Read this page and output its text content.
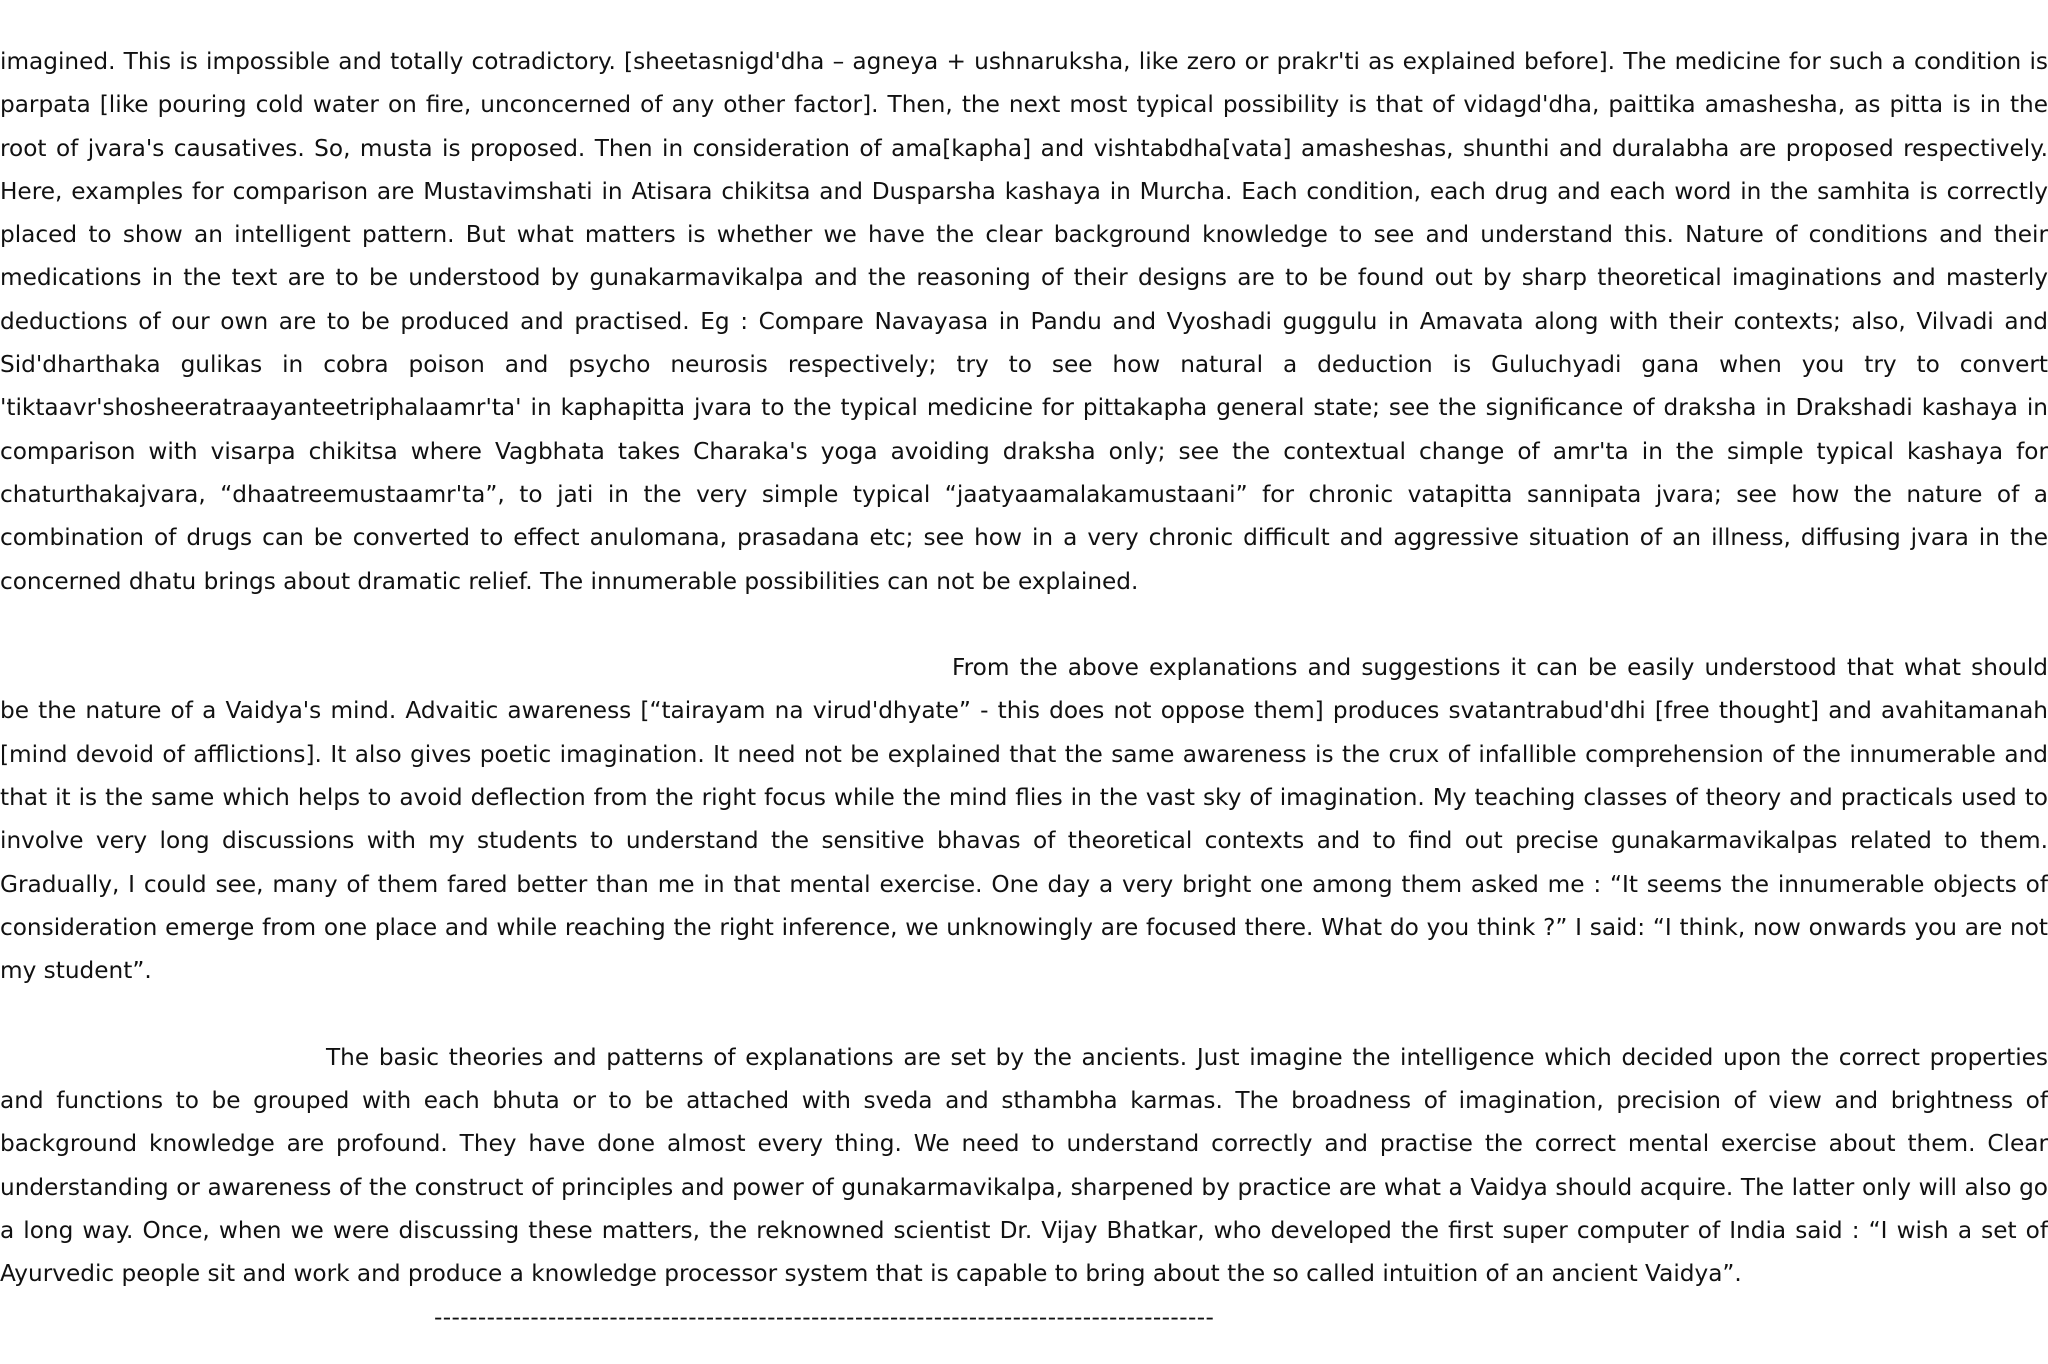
imagined. This is impossible and totally cotradictory. [sheetasnigd'dha – agneya + ushnaruksha, like zero or prakr'ti as explained before]. The medicine for such a condition is parpata [like pouring cold water on fire, unconcerned of any other factor]. Then, the next most typical possibility is that of vidagd'dha, paittika amashesha, as pitta is in the root of jvara's causatives. So, musta is proposed. Then in consideration of ama[kapha] and vishtabdha[vata] amasheshas, shunthi and duralabha are proposed respectively. Here, examples for comparison are Mustavimshati in Atisara chikitsa and Dusparsha kashaya in Murcha. Each condition, each drug and each word in the samhita is correctly placed to show an intelligent pattern. But what matters is whether we have the clear background knowledge to see and understand this. Nature of conditions and their medications in the text are to be understood by gunakarmavikalpa and the reasoning of their designs are to be found out by sharp theoretical imaginations and masterly deductions of our own are to be produced and practised. Eg : Compare Navayasa in Pandu and Vyoshadi guggulu in Amavata along with their contexts; also, Vilvadi and Sid'dharthaka gulikas in cobra poison and psycho neurosis respectively; try to see how natural a deduction is Guluchyadi gana when you try to convert 'tiktaavr'shosheeratraayanteetriphalaamr'ta' in kaphapitta jvara to the typical medicine for pittakapha general state; see the significance of draksha in Drakshadi kashaya in comparison with visarpa chikitsa where Vagbhata takes Charaka's yoga avoiding draksha only; see the contextual change of amr'ta in the simple typical kashaya for chaturthakajvara, “dhaatreemustaamr'ta”, to jati in the very simple typical “jaatyaamalakamustaani” for chronic vatapitta sannipata jvara; see how the nature of a combination of drugs can be converted to effect anulomana, prasadana etc; see how in a very chronic difficult and aggressive situation of an illness, diffusing jvara in the concerned dhatu brings about dramatic relief. The innumerable possibilities can not be explained.

From the above explanations and suggestions it can be easily understood that what should be the nature of a Vaidya's mind. Advaitic awareness [“tairayam na virud'dhyate” - this does not oppose them] produces svatantrabud'dhi [free thought] and avahitamanah [mind devoid of afflictions]. It also gives poetic imagination. It need not be explained that the same awareness is the crux of infallible comprehension of the innumerable and that it is the same which helps to avoid deflection from the right focus while the mind flies in the vast sky of imagination. My teaching classes of theory and practicals used to involve very long discussions with my students to understand the sensitive bhavas of theoretical contexts and to find out precise gunakarmavikalpas related to them. Gradually, I could see, many of them fared better than me in that mental exercise. One day a very bright one among them asked me : “It seems the innumerable objects of consideration emerge from one place and while reaching the right inference, we unknowingly are focused there. What do you think ?” I said: “I think, now onwards you are not my student”.

The basic theories and patterns of explanations are set by the ancients. Just imagine the intelligence which decided upon the correct properties and functions to be grouped with each bhuta or to be attached with sveda and sthambha karmas. The broadness of imagination, precision of view and brightness of background knowledge are profound. They have done almost every thing. We need to understand correctly and practise the correct mental exercise about them. Clear understanding or awareness of the construct of principles and power of gunakarmavikalpa, sharpened by practice are what a Vaidya should acquire. The latter only will also go a long way. Once, when we were discussing these matters, the reknowned scientist Dr. Vijay Bhatkar, who developed the first super computer of India said : “I wish a set of Ayurvedic people sit and work and produce a knowledge processor system that is capable to bring about the so called intuition of an ancient Vaidya”.

-----------------------------------------------------------------------------------------
